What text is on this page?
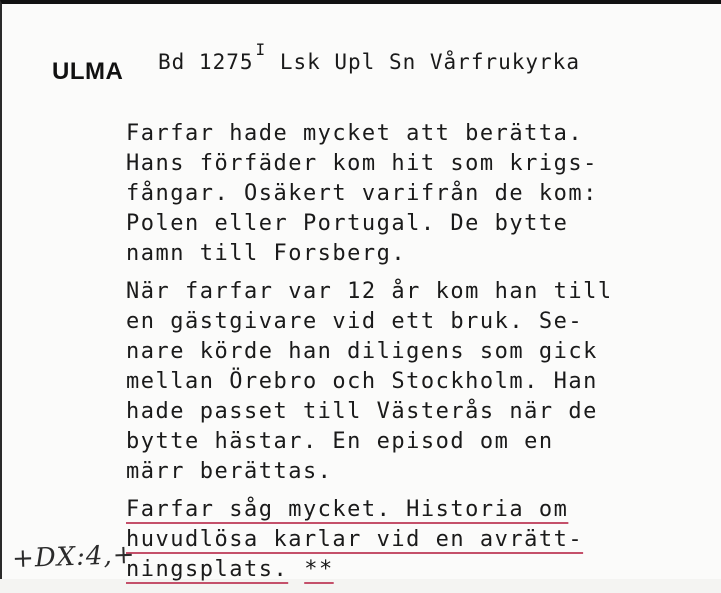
ULMA Bd $1275^I$ Lsk Upl Sn Vårfrukyrka
Farfar hade mycket att berätta.
Hans förfäder kom hit som krigs-
fångar. Osäkert varifrån de kom:
Polen eller Portugal. De bytte
namn till Forsberg.
När farfar var 12 år kom han till
en gästgivare vid ett bruk. Se-
nare körde han diligens som gick
mellan Örebro och Stockholm. Han
hade passet till Västerås när de
bytte hästar. En episod om en
märr berättas.
Farfar såg mycket. Historia om
huvudlösa karlar vid en avrätt-
ningsplats. **
+DX:4,+
